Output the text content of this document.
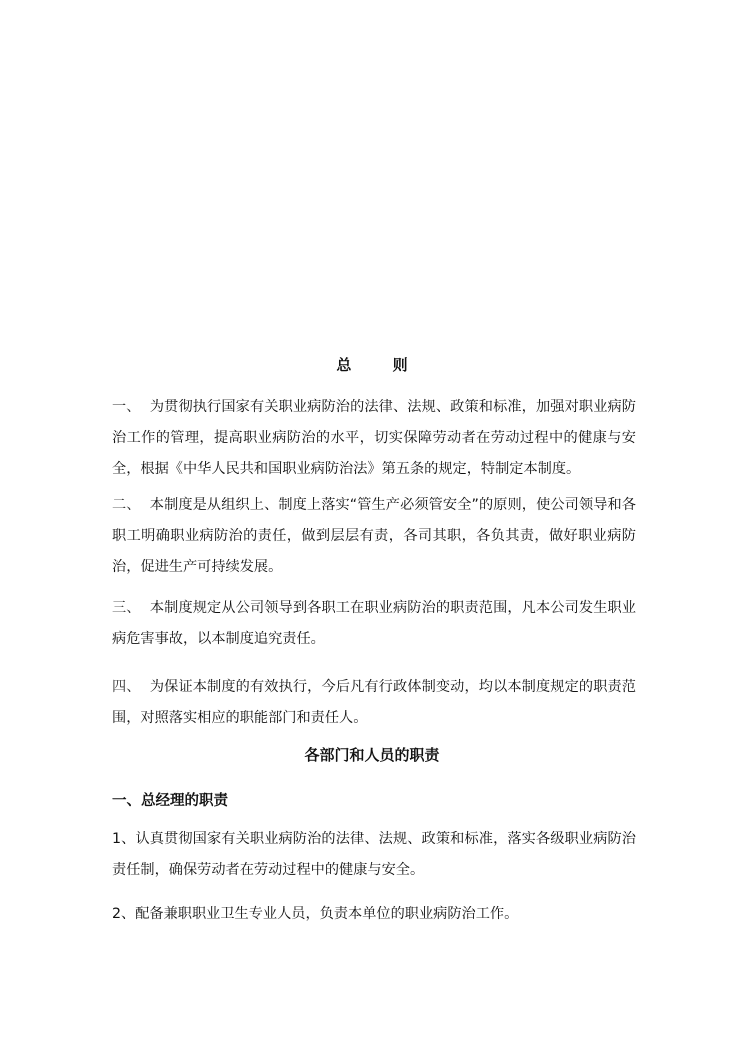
总 则
一、  为贯彻执行国家有关职业病防治的法律、法规、政策和标准，加强对职业病防治工作的管理，提高职业病防治的水平，切实保障劳动者在劳动过程中的健康与安全，根据《中华人民共和国职业病防治法》第五条的规定，特制定本制度。
二、  本制度是从组织上、制度上落实“管生产必须管安全”的原则，使公司领导和各职工明确职业病防治的责任，做到层层有责，各司其职，各负其责，做好职业病防治，促进生产可持续发展。
三、  本制度规定从公司领导到各职工在职业病防治的职责范围，凡本公司发生职业病危害事故，以本制度追究责任。
四、  为保证本制度的有效执行，今后凡有行政体制变动，均以本制度规定的职责范围，对照落实相应的职能部门和责任人。
各部门和人员的职责
一、总经理的职责
1、认真贯彻国家有关职业病防治的法律、法规、政策和标准，落实各级职业病防治责任制，确保劳动者在劳动过程中的健康与安全。
2、配备兼职职业卫生专业人员，负责本单位的职业病防治工作。
